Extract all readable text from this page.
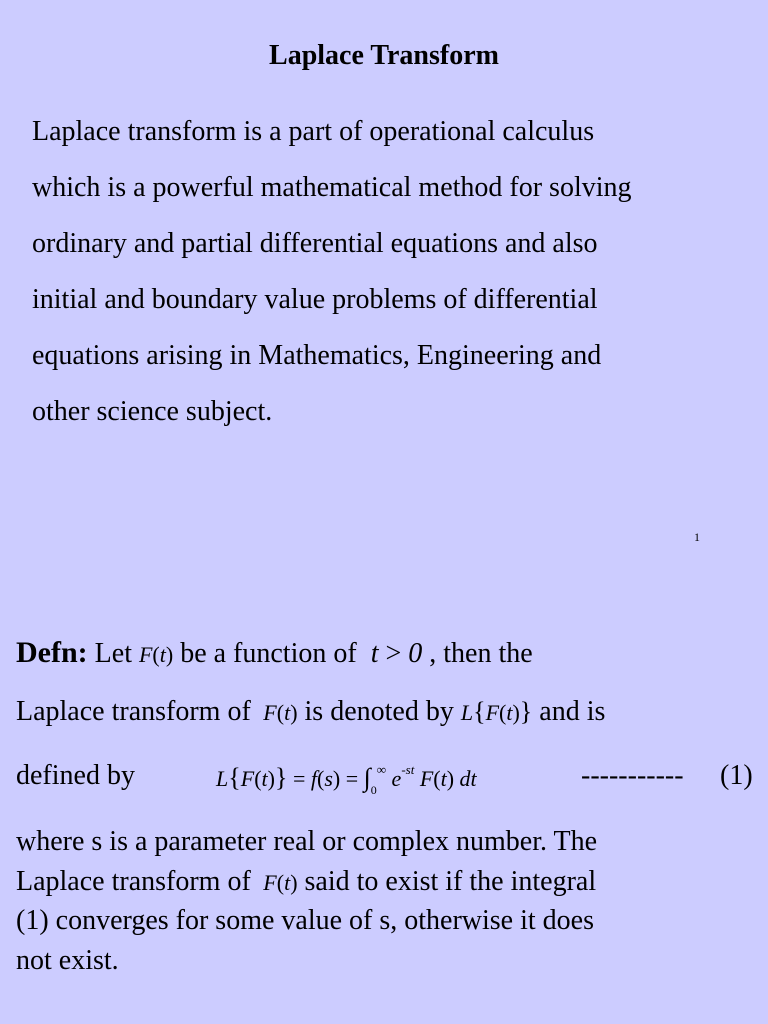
Laplace Transform
Laplace transform is a part of operational calculus
which is a powerful mathematical method for solving
ordinary and partial differential equations and also
initial and boundary value problems of differential
equations arising in Mathematics, Engineering and
other science subject.
1
Defn: Let F(t) be a function of t > 0 , then the
Laplace transform of F(t) is denoted by L{F(t)} and is
defined by	$L\{F(t)\} = f(s) = \int_0^\infty$ $e^{-st}$ F(t) dt	----------- (1)
where s is a parameter real or complex number. The
Laplace transform of F(t) said to exist if the integral
(1) converges for some value of s, otherwise it does
not exist.
